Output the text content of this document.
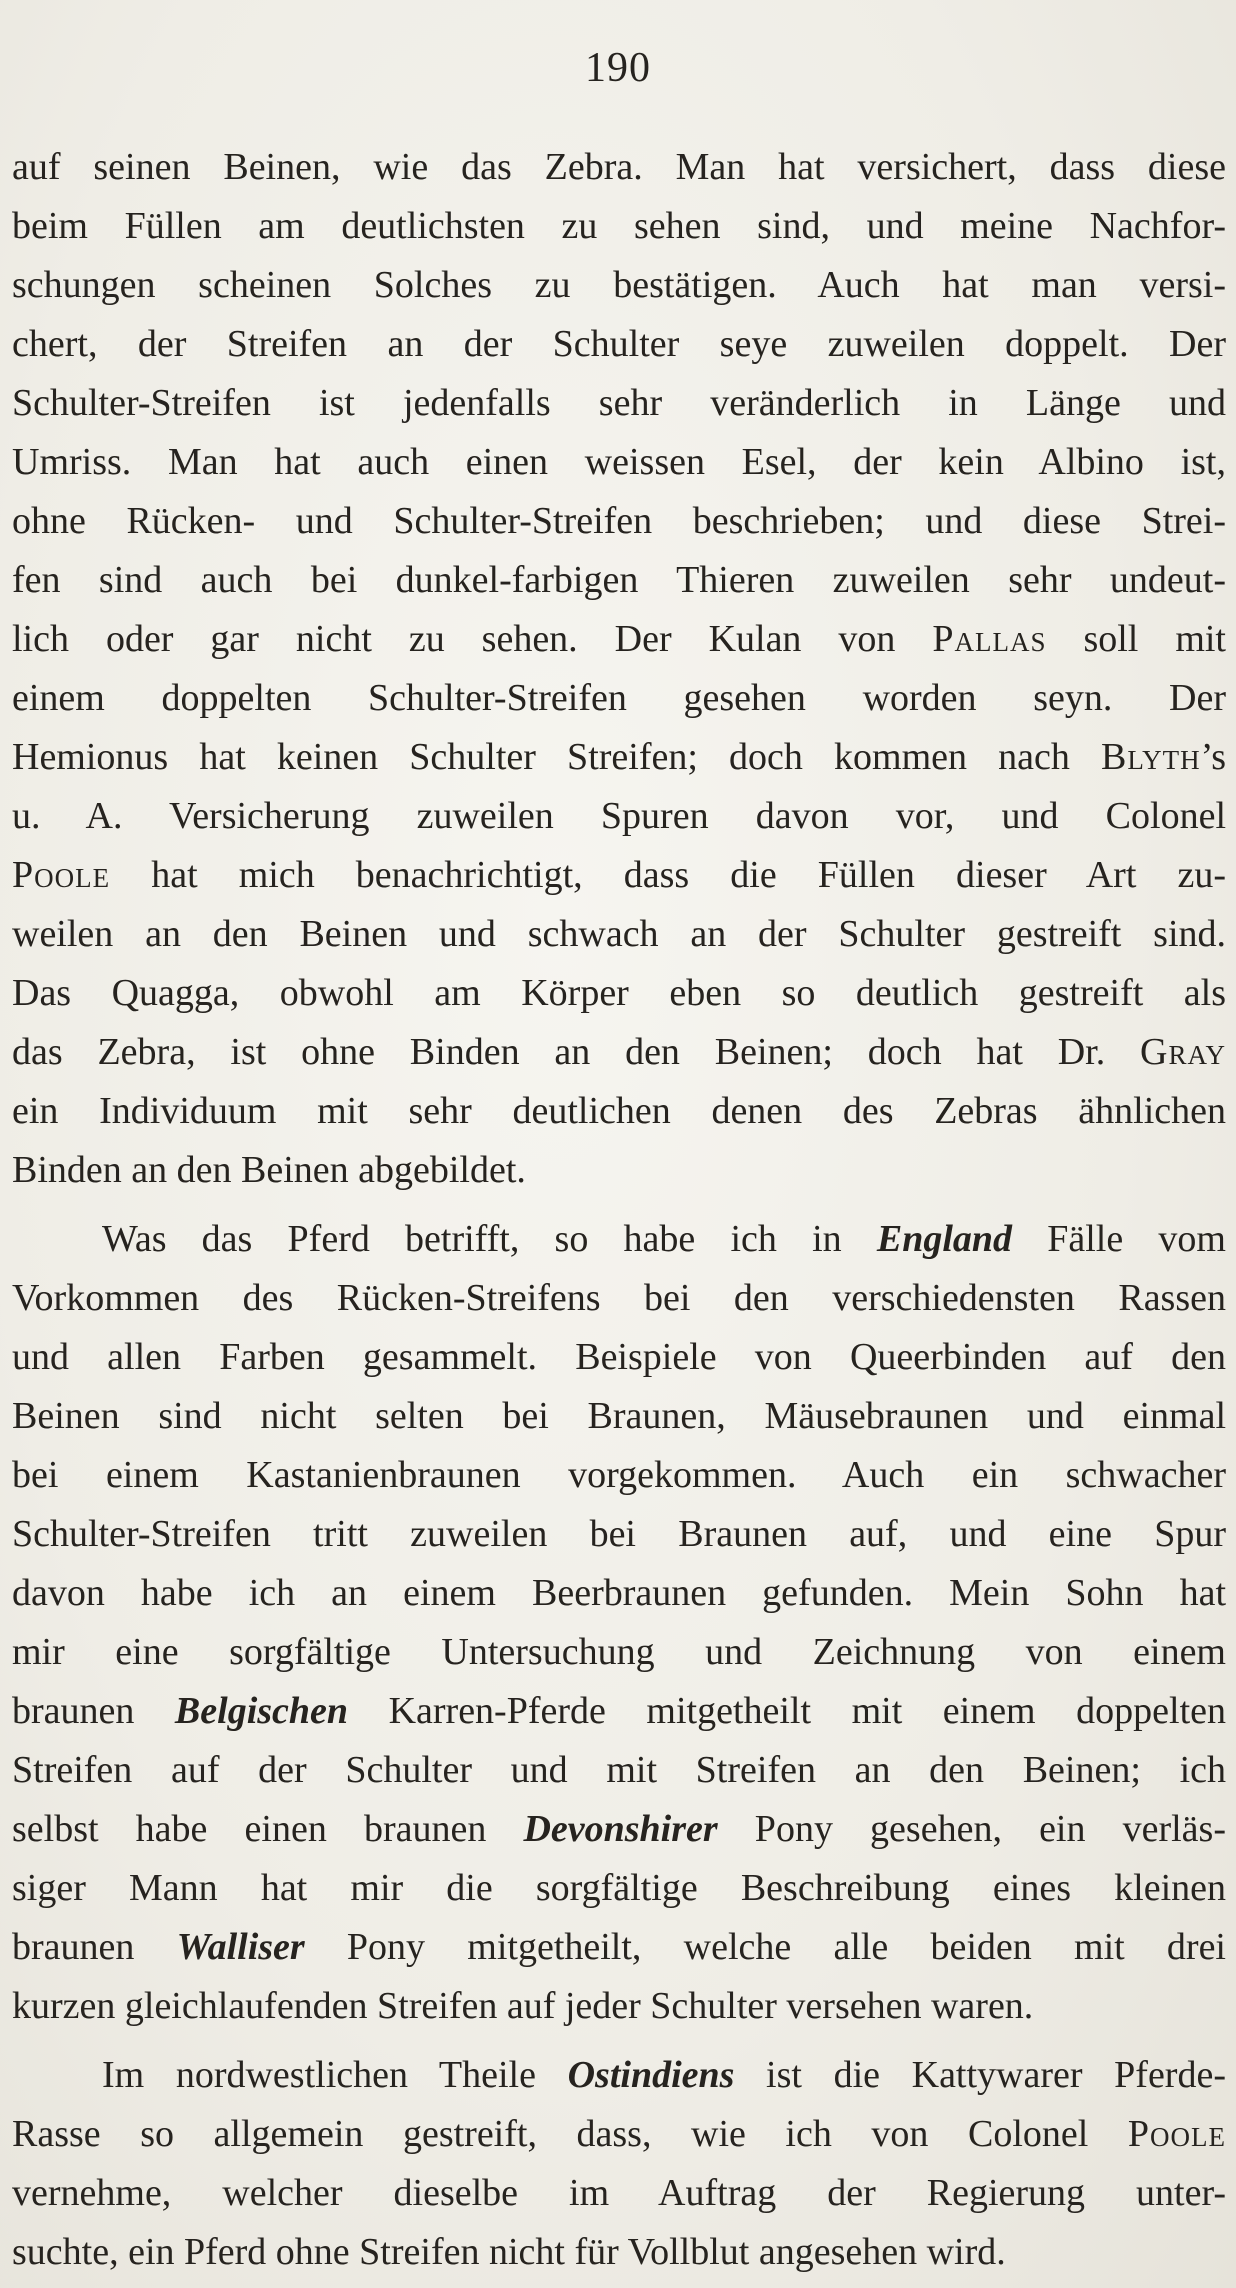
190
auf seinen Beinen, wie das Zebra. Man hat versichert, dass diese
beim Füllen am deutlichsten zu sehen sind, und meine Nachfor-
schungen scheinen Solches zu bestätigen. Auch hat man versi-
chert, der Streifen an der Schulter seye zuweilen doppelt. Der
Schulter-Streifen ist jedenfalls sehr veränderlich in Länge und
Umriss. Man hat auch einen weissen Esel, der kein Albino ist,
ohne Rücken- und Schulter-Streifen beschrieben; und diese Strei-
fen sind auch bei dunkel-farbigen Thieren zuweilen sehr undeut-
lich oder gar nicht zu sehen. Der Kulan von Pallas soll mit
einem doppelten Schulter-Streifen gesehen worden seyn. Der
Hemionus hat keinen Schulter Streifen; doch kommen nach Blyth’s
u. A. Versicherung zuweilen Spuren davon vor, und Colonel
Poole hat mich benachrichtigt, dass die Füllen dieser Art zu-
weilen an den Beinen und schwach an der Schulter gestreift sind.
Das Quagga, obwohl am Körper eben so deutlich gestreift als
das Zebra, ist ohne Binden an den Beinen; doch hat Dr. Gray
ein Individuum mit sehr deutlichen denen des Zebras ähnlichen
Binden an den Beinen abgebildet.
Was das Pferd betrifft, so habe ich in England Fälle vom
Vorkommen des Rücken-Streifens bei den verschiedensten Rassen
und allen Farben gesammelt. Beispiele von Queerbinden auf den
Beinen sind nicht selten bei Braunen, Mäusebraunen und einmal
bei einem Kastanienbraunen vorgekommen. Auch ein schwacher
Schulter-Streifen tritt zuweilen bei Braunen auf, und eine Spur
davon habe ich an einem Beerbraunen gefunden. Mein Sohn hat
mir eine sorgfältige Untersuchung und Zeichnung von einem
braunen Belgischen Karren-Pferde mitgetheilt mit einem doppelten
Streifen auf der Schulter und mit Streifen an den Beinen; ich
selbst habe einen braunen Devonshirer Pony gesehen, ein verläs-
siger Mann hat mir die sorgfältige Beschreibung eines kleinen
braunen Walliser Pony mitgetheilt, welche alle beiden mit drei
kurzen gleichlaufenden Streifen auf jeder Schulter versehen waren.
Im nordwestlichen Theile Ostindiens ist die Kattywarer Pferde-
Rasse so allgemein gestreift, dass, wie ich von Colonel Poole
vernehme, welcher dieselbe im Auftrag der Regierung unter-
suchte, ein Pferd ohne Streifen nicht für Vollblut angesehen wird.
